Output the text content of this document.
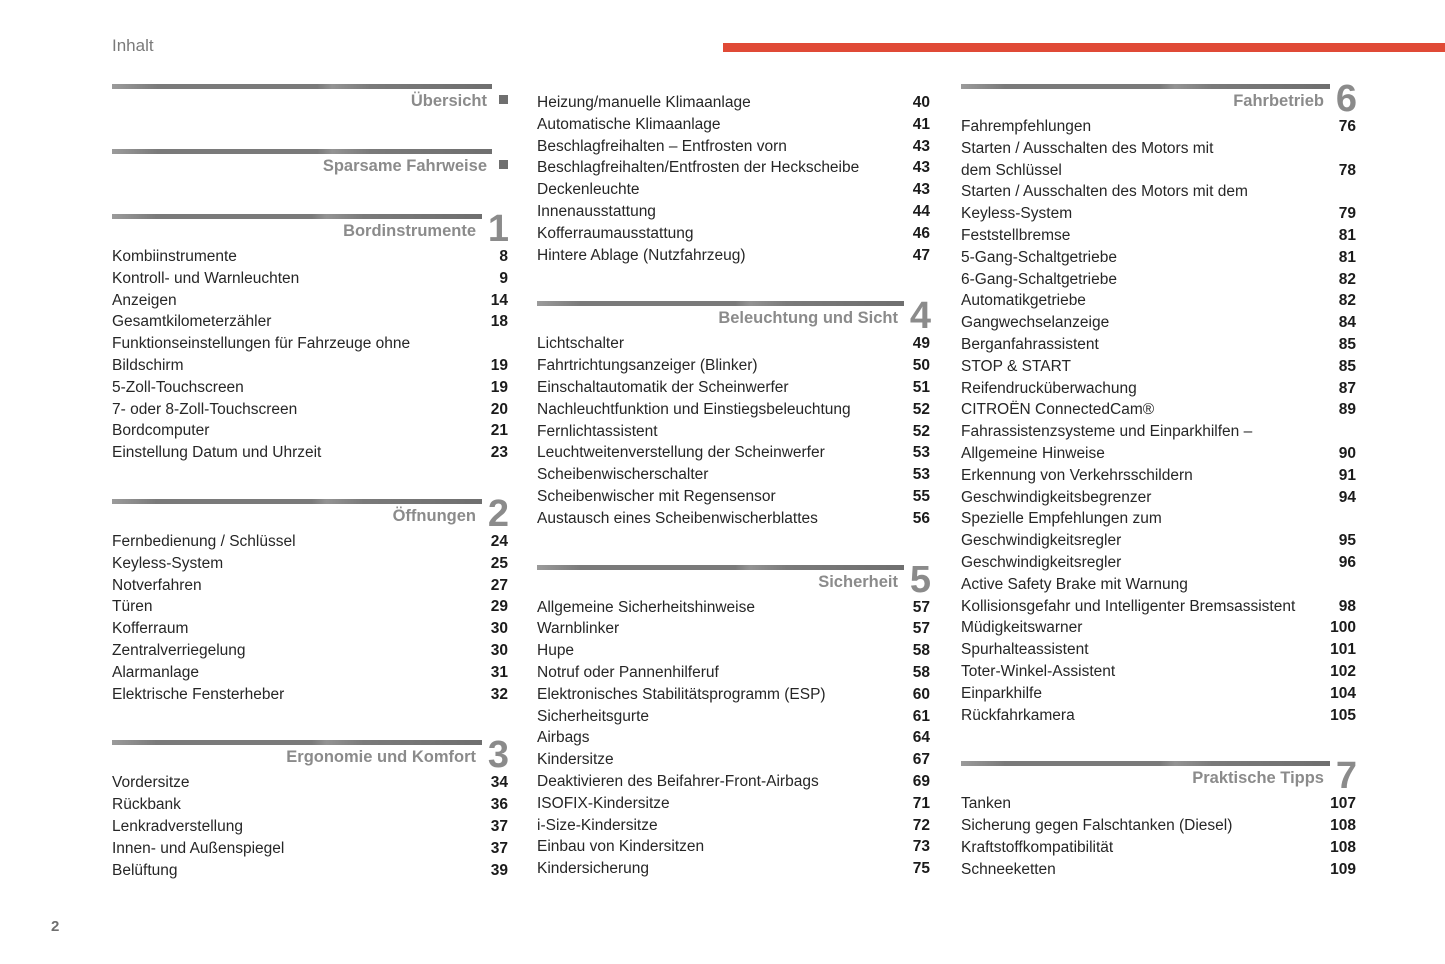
Inhalt
Übersicht
Sparsame Fahrweise
Bordinstrumente 1
Kombiinstrumente	8
Kontroll- und Warnleuchten	9
Anzeigen	14
Gesamtkilometerzähler	18
Funktionseinstellungen für Fahrzeuge ohne
Bildschirm	19
5-Zoll-Touchscreen	19
7- oder 8-Zoll-Touchscreen	20
Bordcomputer	21
Einstellung Datum und Uhrzeit	23
Öffnungen 2
Fernbedienung / Schlüssel	24
Keyless-System	25
Notverfahren	27
Türen	29
Kofferraum	30
Zentralverriegelung	30
Alarmanlage	31
Elektrische Fensterheber	32
Ergonomie und Komfort 3
Vordersitze	34
Rückbank	36
Lenkradverstellung	37
Innen- und Außenspiegel	37
Belüftung	39
Heizung/manuelle Klimaanlage	40
Automatische Klimaanlage	41
Beschlagfreihalten – Entfrosten vorn	43
Beschlagfreihalten/Entfrosten der Heckscheibe	43
Deckenleuchte	43
Innenausstattung	44
Kofferraumausstattung	46
Hintere Ablage (Nutzfahrzeug)	47
Beleuchtung und Sicht 4
Lichtschalter	49
Fahrtrichtungsanzeiger (Blinker)	50
Einschaltautomatik der Scheinwerfer	51
Nachleuchtfunktion und Einstiegsbeleuchtung	52
Fernlichtassistent	52
Leuchtweitenverstellung der Scheinwerfer	53
Scheibenwischerschalter	53
Scheibenwischer mit Regensensor	55
Austausch eines Scheibenwischerblattes	56
Sicherheit 5
Allgemeine Sicherheitshinweise	57
Warnblinker	57
Hupe	58
Notruf oder Pannenhilferuf	58
Elektronisches Stabilitätsprogramm (ESP)	60
Sicherheitsgurte	61
Airbags	64
Kindersitze	67
Deaktivieren des Beifahrer-Front-Airbags	69
ISOFIX-Kindersitze	71
i-Size-Kindersitze	72
Einbau von Kindersitzen	73
Kindersicherung	75
Fahrbetrieb 6
Fahrempfehlungen	76
Starten / Ausschalten des Motors mit
dem Schlüssel	78
Starten / Ausschalten des Motors mit dem
Keyless-System	79
Feststellbremse	81
5-Gang-Schaltgetriebe	81
6-Gang-Schaltgetriebe	82
Automatikgetriebe	82
Gangwechselanzeige	84
Berganfahrassistent	85
STOP & START	85
Reifendrucküberwachung	87
CITROËN ConnectedCam®	89
Fahrassistenzsysteme und Einparkhilfen –
Allgemeine Hinweise	90
Erkennung von Verkehrsschildern	91
Geschwindigkeitsbegrenzer	94
Spezielle Empfehlungen zum
Geschwindigkeitsregler	95
Geschwindigkeitsregler	96
Active Safety Brake mit Warnung
Kollisionsgefahr und Intelligenter Bremsassistent	98
Müdigkeitswarner	100
Spurhalteassistent	101
Toter-Winkel-Assistent	102
Einparkhilfe	104
Rückfahrkamera	105
Praktische Tipps 7
Tanken	107
Sicherung gegen Falschtanken (Diesel)	108
Kraftstoffkompatibilität	108
Schneeketten	109
2
